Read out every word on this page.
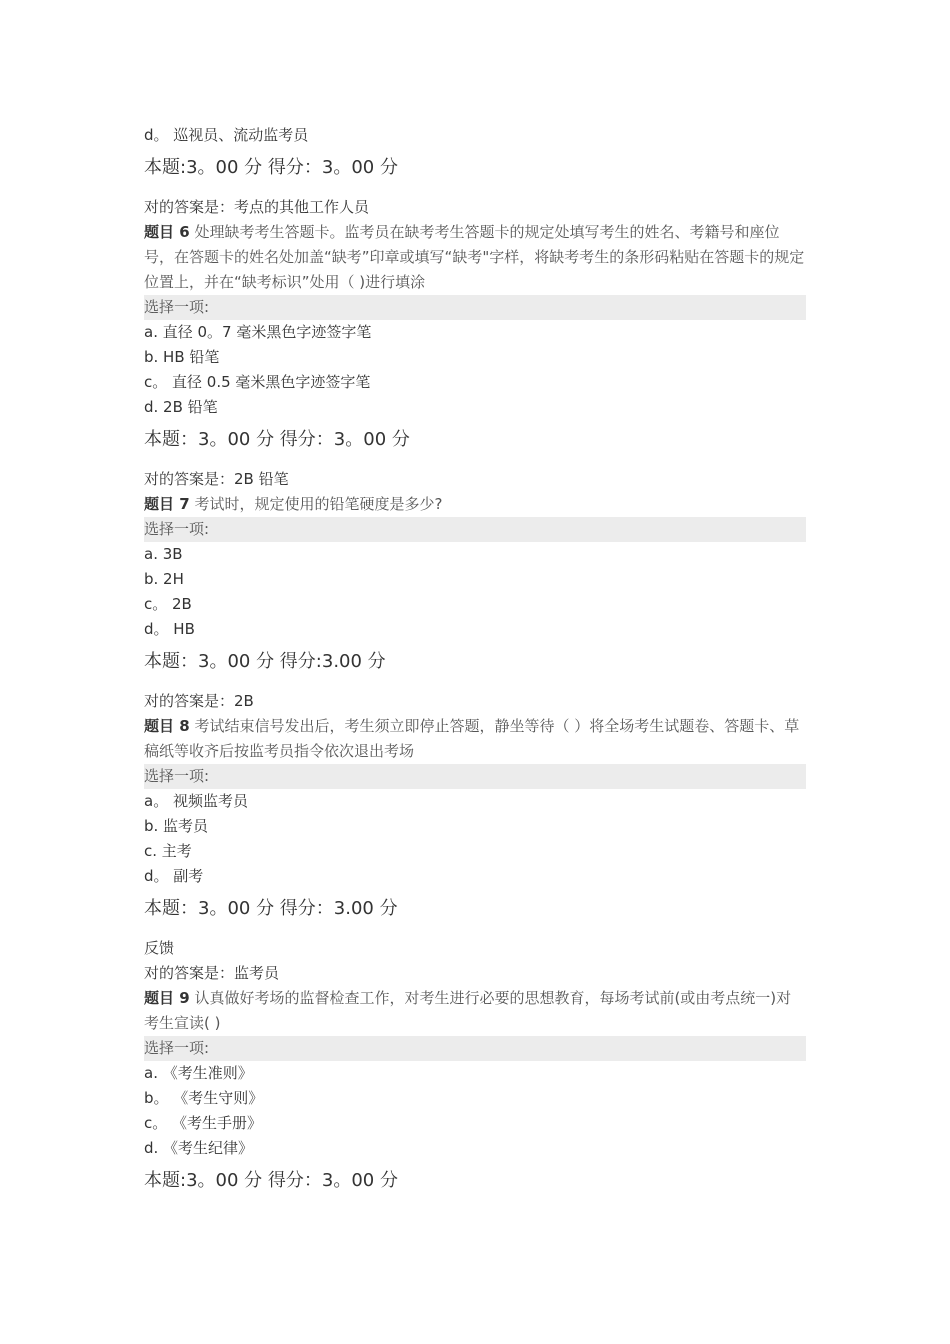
d。 巡视员、流动监考员
本题:3。00 分 得分：3。00 分
对的答案是：考点的其他工作人员
题目 6 处理缺考考生答题卡。监考员在缺考考生答题卡的规定处填写考生的姓名、考籍号和座位号，在答题卡的姓名处加盖“缺考”印章或填写“缺考"字样，将缺考考生的条形码粘贴在答题卡的规定位置上，并在“缺考标识”处用（ )进行填涂
选择一项:
a. 直径 0。7 毫米黑色字迹签字笔
b. HB 铅笔
c。 直径 0.5 毫米黑色字迹签字笔
d. 2B 铅笔
本题：3。00 分 得分：3。00 分
对的答案是：2B 铅笔
题目 7 考试时，规定使用的铅笔硬度是多少?
选择一项:
a. 3B
b. 2H
c。 2B
d。 HB
本题：3。00 分 得分:3.00 分
对的答案是：2B
题目 8 考试结束信号发出后，考生须立即停止答题，静坐等待（ ）将全场考生试题卷、答题卡、草稿纸等收齐后按监考员指令依次退出考场
选择一项:
a。 视频监考员
b. 监考员
c. 主考
d。 副考
本题：3。00 分 得分：3.00 分
反馈
对的答案是：监考员
题目 9 认真做好考场的监督检查工作，对考生进行必要的思想教育，每场考试前(或由考点统一)对考生宣读( )
选择一项:
a. 《考生准则》
b。 《考生守则》
c。 《考生手册》
d. 《考生纪律》
本题:3。00 分 得分：3。00 分
